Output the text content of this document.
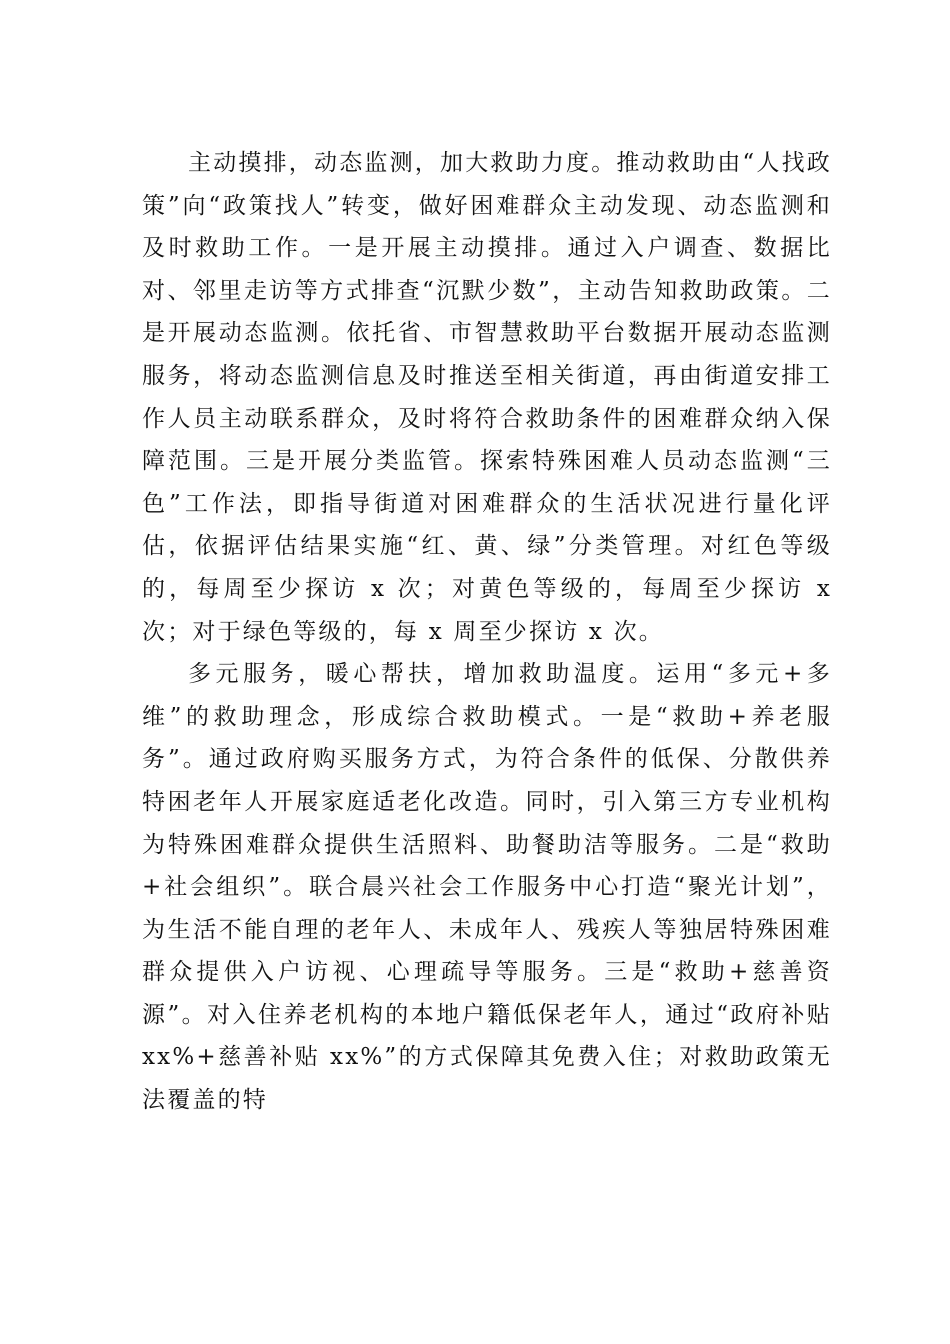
主动摸排，动态监测，加大救助力度。推动救助由“人找政策”向“政策找人”转变，做好困难群众主动发现、动态监测和及时救助工作。一是开展主动摸排。通过入户调查、数据比对、邻里走访等方式排查“沉默少数”，主动告知救助政策。二是开展动态监测。依托省、市智慧救助平台数据开展动态监测服务，将动态监测信息及时推送至相关街道，再由街道安排工作人员主动联系群众，及时将符合救助条件的困难群众纳入保障范围。三是开展分类监管。探索特殊困难人员动态监测“三色”工作法，即指导街道对困难群众的生活状况进行量化评估，依据评估结果实施“红、黄、绿”分类管理。对红色等级的，每周至少探访 x 次；对黄色等级的，每周至少探访 x 次；对于绿色等级的，每 x 周至少探访 x 次。

多元服务，暖心帮扶，增加救助温度。运用“多元+多维”的救助理念，形成综合救助模式。一是“救助+养老服务”。通过政府购买服务方式，为符合条件的低保、分散供养特困老年人开展家庭适老化改造。同时，引入第三方专业机构为特殊困难群众提供生活照料、助餐助洁等服务。二是“救助+社会组织”。联合晨兴社会工作服务中心打造“聚光计划”，为生活不能自理的老年人、未成年人、残疾人等独居特殊困难群众提供入户访视、心理疏导等服务。三是“救助+慈善资源”。对入住养老机构的本地户籍低保老年人，通过“政府补贴 xx%+慈善补贴 xx%”的方式保障其免费入住；对救助政策无法覆盖的特
